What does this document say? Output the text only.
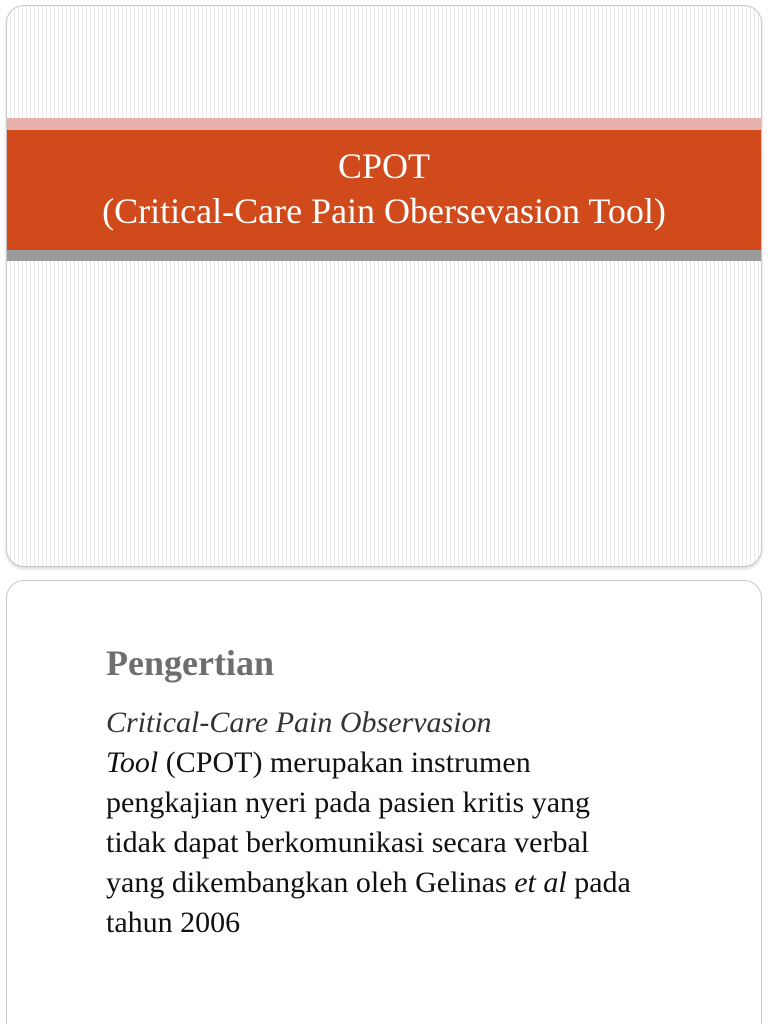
CPOT
(Critical-Care Pain Obersevasion Tool)
Pengertian
Critical-Care Pain Observasion
Tool (CPOT) merupakan instrumen
pengkajian nyeri pada pasien kritis yang
tidak dapat berkomunikasi secara verbal
yang dikembangkan oleh Gelinas et al pada
tahun 2006
